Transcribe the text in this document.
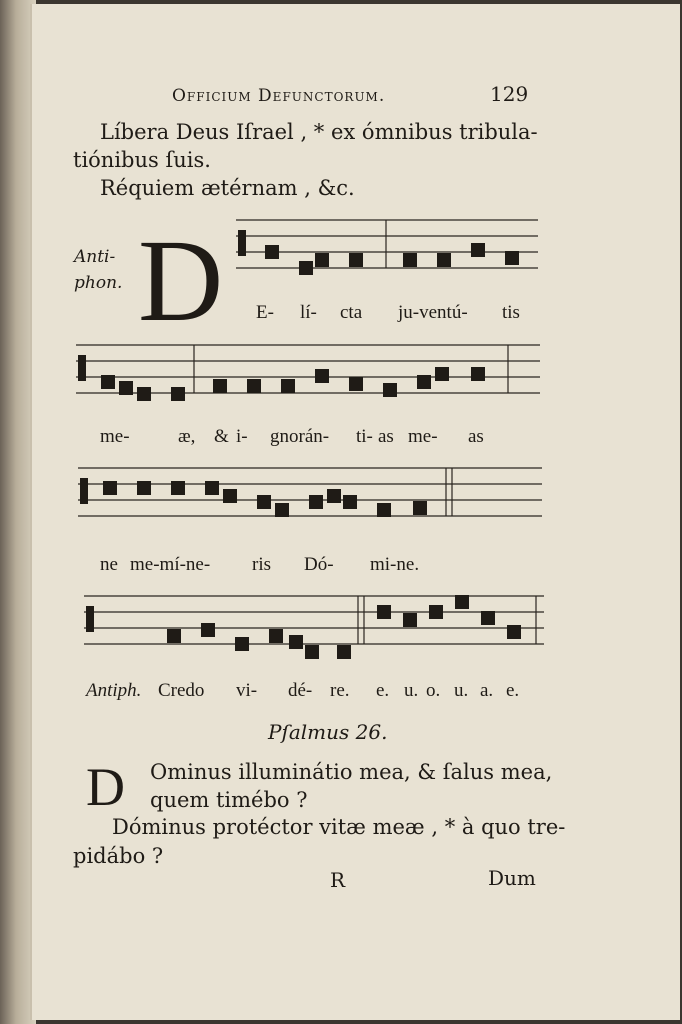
Officium Defunctorum.	129
Líbera Deus Iſrael , * ex ómnibus tribula-
tiónibus ſuis.
Réquiem ætérnam , &c.
Anti-
phon. D E- lí- cta ju-ventú- tis
me-	æ, & i- gnorán- ti- as me- as
ne me-mí-ne- ris Dó- mi-ne.
Antiph. Credo vi- dé- re. e. u. o. u. a. e.
Pſalmus 26.
D Ominus illuminátio mea, & ſalus mea,
quem timébo ?
Dóminus protéctor vitæ meæ , * à quo tre-
pidábo ?
R	Dum
